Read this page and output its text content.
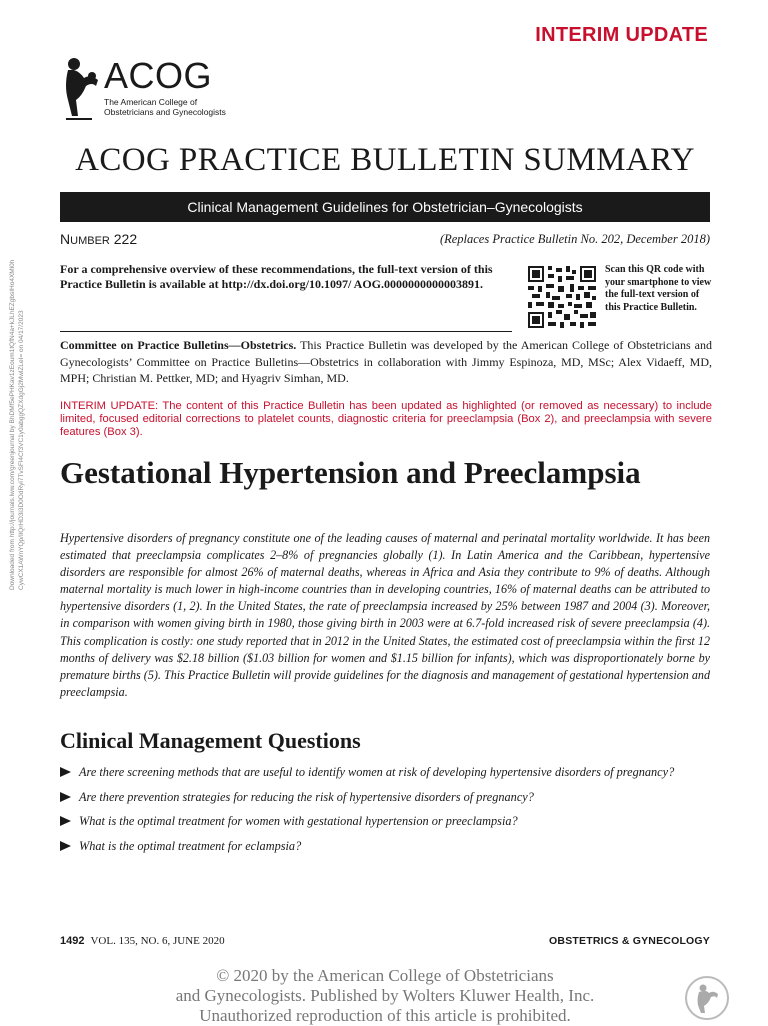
Downloaded from http://journals.lww.com/greenjournal by BhDMf5ePHKav1zEoum1tQfN4a+kJLhEZgbsIHo4XMi0h CywCX1AWnYQp/IlQrHD3i3D0OdRyi7TvSFl4Cf3VC1y0abggQZXdgGj2MwlZLeI= on 04/17/2023
INTERIM UPDATE
ACOG
The American College of
Obstetricians and Gynecologists
ACOG PRACTICE BULLETIN SUMMARY
Clinical Management Guidelines for Obstetrician–Gynecologists
NUMBER 222	(Replaces Practice Bulletin No. 202, December 2018)
For a comprehensive overview of these recommendations, the full-text version of this Practice Bulletin is available at http://dx.doi.org/10.1097/ AOG.0000000000003891.
Scan this QR code with your smartphone to view the full-text version of this Practice Bulletin.
Committee on Practice Bulletins—Obstetrics. This Practice Bulletin was developed by the American College of Obstetricians and Gynecologists’ Committee on Practice Bulletins—Obstetrics in collaboration with Jimmy Espinoza, MD, MSc; Alex Vidaeff, MD, MPH; Christian M. Pettker, MD; and Hyagriv Simhan, MD.
INTERIM UPDATE: The content of this Practice Bulletin has been updated as highlighted (or removed as necessary) to include limited, focused editorial corrections to platelet counts, diagnostic criteria for preeclampsia (Box 2), and preeclampsia with severe features (Box 3).
Gestational Hypertension and Preeclampsia
Hypertensive disorders of pregnancy constitute one of the leading causes of maternal and perinatal mortality worldwide. It has been estimated that preeclampsia complicates 2–8% of pregnancies globally (1). In Latin America and the Caribbean, hypertensive disorders are responsible for almost 26% of maternal deaths, whereas in Africa and Asia they contribute to 9% of deaths. Although maternal mortality is much lower in high-income countries than in developing countries, 16% of maternal deaths can be attributed to hypertensive disorders (1, 2). In the United States, the rate of preeclampsia increased by 25% between 1987 and 2004 (3). Moreover, in comparison with women giving birth in 1980, those giving birth in 2003 were at 6.7-fold increased risk of severe preeclampsia (4). This complication is costly: one study reported that in 2012 in the United States, the estimated cost of preeclampsia within the first 12 months of delivery was $2.18 billion ($1.03 billion for women and $1.15 billion for infants), which was disproportionately borne by premature births (5). This Practice Bulletin will provide guidelines for the diagnosis and management of gestational hypertension and preeclampsia.
Clinical Management Questions
Are there screening methods that are useful to identify women at risk of developing hypertensive disorders of pregnancy?
Are there prevention strategies for reducing the risk of hypertensive disorders of pregnancy?
What is the optimal treatment for women with gestational hypertension or preeclampsia?
What is the optimal treatment for eclampsia?
1492 VOL. 135, NO. 6, JUNE 2020	OBSTETRICS & GYNECOLOGY
© 2020 by the American College of Obstetricians
and Gynecologists. Published by Wolters Kluwer Health, Inc.
Unauthorized reproduction of this article is prohibited.
